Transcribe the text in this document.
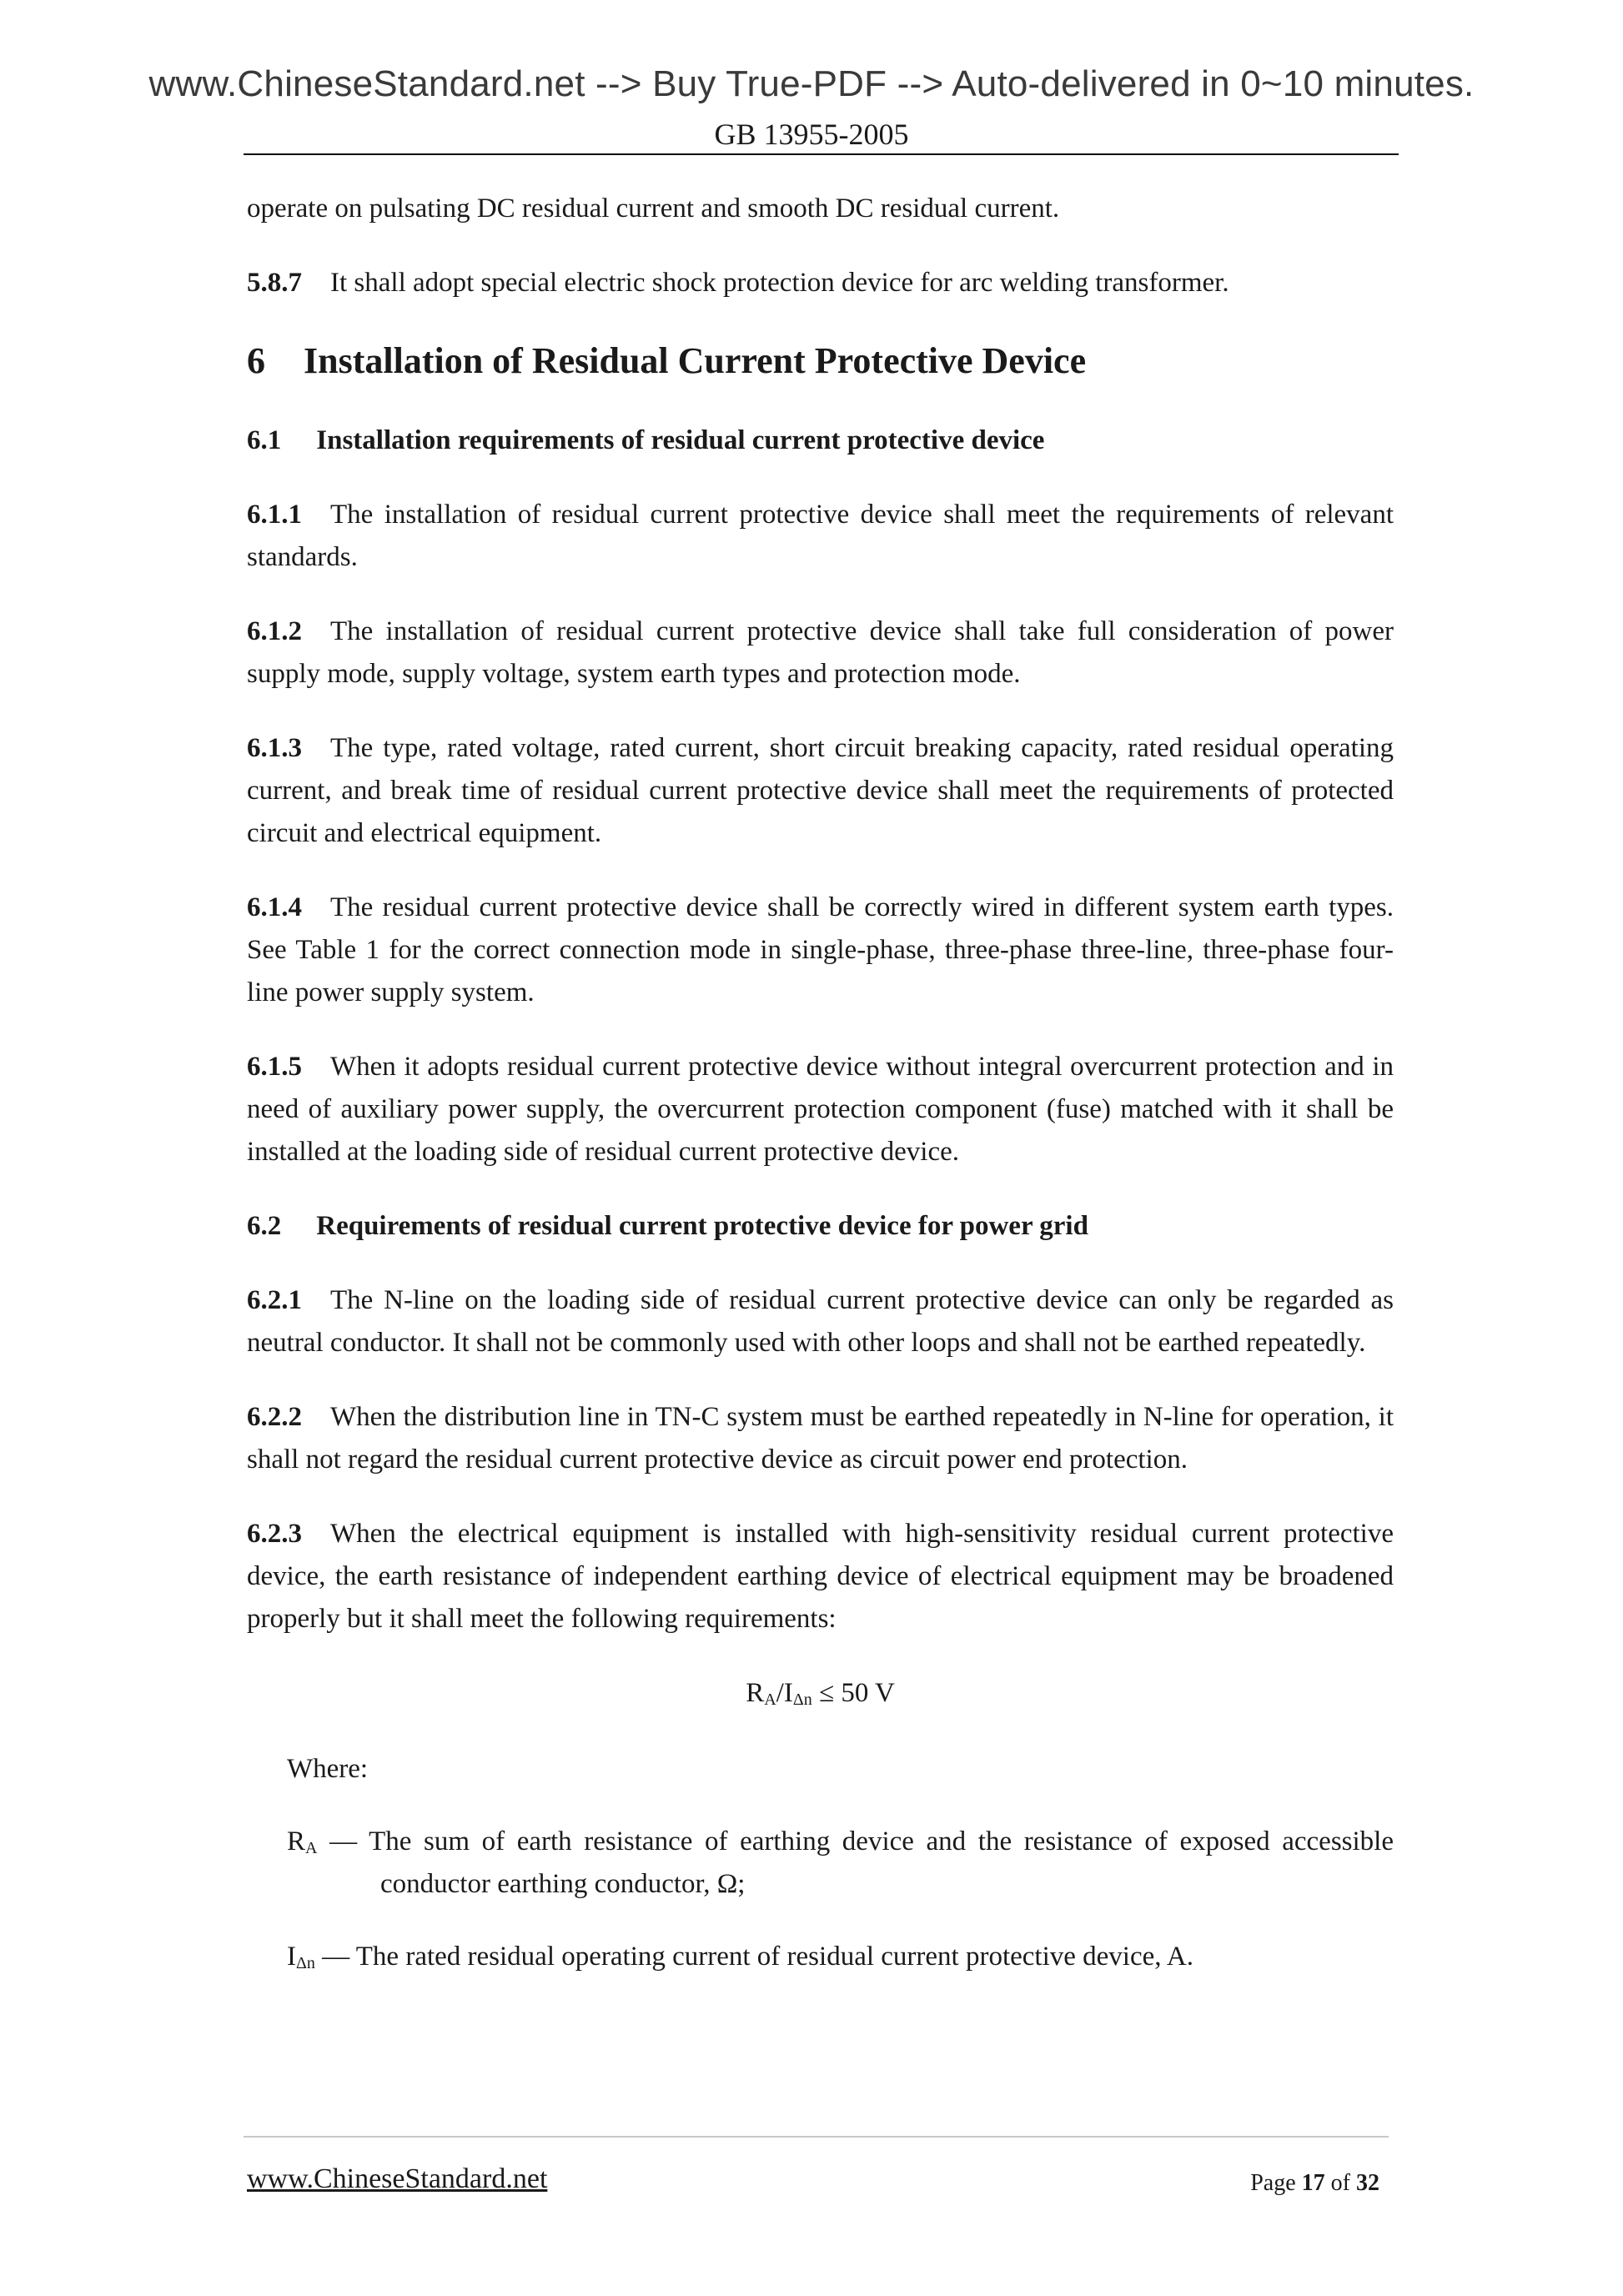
www.ChineseStandard.net --> Buy True-PDF --> Auto-delivered in 0~10 minutes.
GB 13955-2005

operate on pulsating DC residual current and smooth DC residual current.

5.8.7 It shall adopt special electric shock protection device for arc welding transformer.

6 Installation of Residual Current Protective Device

6.1 Installation requirements of residual current protective device

6.1.1 The installation of residual current protective device shall meet the requirements of relevant standards.

6.1.2 The installation of residual current protective device shall take full consideration of power supply mode, supply voltage, system earth types and protection mode.

6.1.3 The type, rated voltage, rated current, short circuit breaking capacity, rated residual operating current, and break time of residual current protective device shall meet the requirements of protected circuit and electrical equipment.

6.1.4 The residual current protective device shall be correctly wired in different system earth types. See Table 1 for the correct connection mode in single-phase, three-phase three-line, three-phase four-line power supply system.

6.1.5 When it adopts residual current protective device without integral overcurrent protection and in need of auxiliary power supply, the overcurrent protection component (fuse) matched with it shall be installed at the loading side of residual current protective device.

6.2 Requirements of residual current protective device for power grid

6.2.1 The N-line on the loading side of residual current protective device can only be regarded as neutral conductor. It shall not be commonly used with other loops and shall not be earthed repeatedly.

6.2.2 When the distribution line in TN-C system must be earthed repeatedly in N-line for operation, it shall not regard the residual current protective device as circuit power end protection.

6.2.3 When the electrical equipment is installed with high-sensitivity residual current protective device, the earth resistance of independent earthing device of electrical equipment may be broadened properly but it shall meet the following requirements:

$R_A/I_{\Delta n} \le 50$ V

Where:

$R_A$ — The sum of earth resistance of earthing device and the resistance of exposed accessible conductor earthing conductor, Ω;

$I_{\Delta n}$ — The rated residual operating current of residual current protective device, A.

www.ChineseStandard.net	Page 17 of 32
